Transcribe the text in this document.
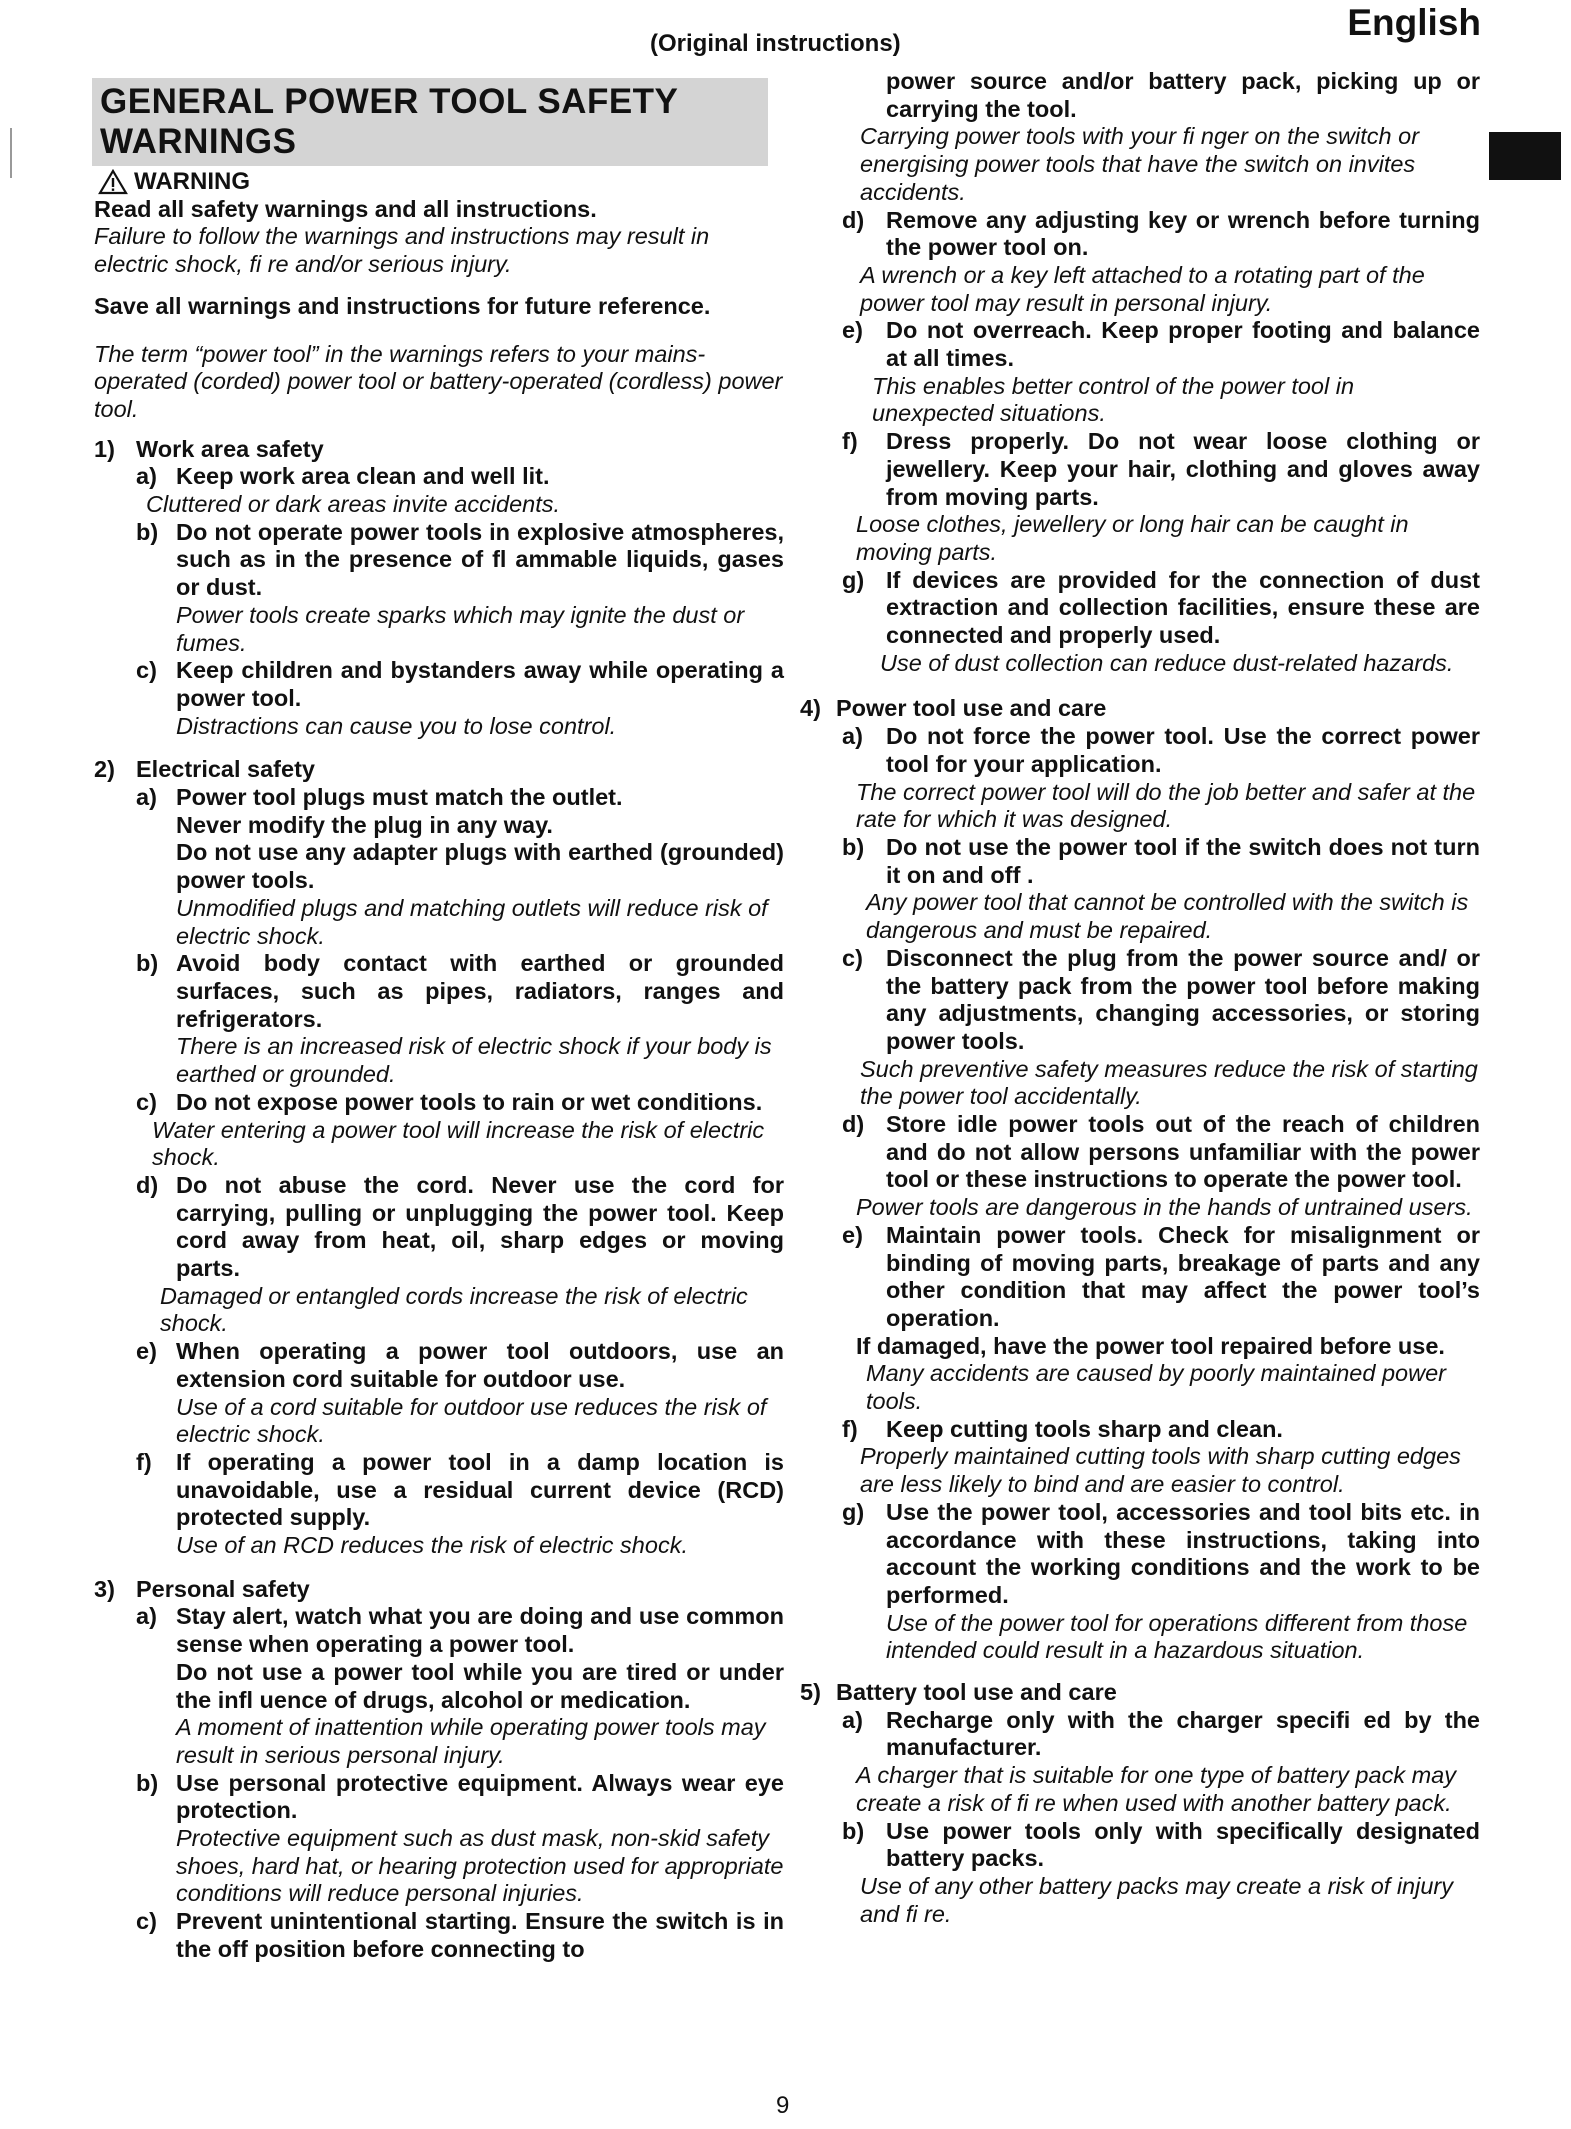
(Original instructions)
English
GENERAL POWER TOOL SAFETY WARNINGS
WARNING

Read all safety warnings and all instructions.

Failure to follow the warnings and instructions may result in electric shock, fi re and/or serious injury.

Save all warnings and instructions for future reference.

The term “power tool” in the warnings refers to your mains-operated (corded) power tool or battery-operated (cordless) power tool.

1) Work area safety
a) Keep work area clean and well lit.

Cluttered or dark areas invite accidents.

b) Do not operate power tools in explosive atmospheres, such as in the presence of fl ammable liquids, gases or dust.

Power tools create sparks which may ignite the dust or fumes.

c) Keep children and bystanders away while operating a power tool.

Distractions can cause you to lose control.

2) Electrical safety
a) Power tool plugs must match the outlet.

Never modify the plug in any way.

Do not use any adapter plugs with earthed (grounded) power tools.

Unmodified plugs and matching outlets will reduce risk of electric shock.

b) Avoid body contact with earthed or grounded surfaces, such as pipes, radiators, ranges and refrigerators.

There is an increased risk of electric shock if your body is earthed or grounded.

c) Do not expose power tools to rain or wet conditions.

Water entering a power tool will increase the risk of electric shock.

d) Do not abuse the cord. Never use the cord for carrying, pulling or unplugging the power tool. Keep cord away from heat, oil, sharp edges or moving parts.

Damaged or entangled cords increase the risk of electric shock.

e) When operating a power tool outdoors, use an extension cord suitable for outdoor use.

Use of a cord suitable for outdoor use reduces the risk of electric shock.

f) If operating a power tool in a damp location is unavoidable, use a residual current device (RCD) protected supply.

Use of an RCD reduces the risk of electric shock.

3) Personal safety
a) Stay alert, watch what you are doing and use common sense when operating a power tool.

Do not use a power tool while you are tired or under the infl uence of drugs, alcohol or medication.

A moment of inattention while operating power tools may result in serious personal injury.

b) Use personal protective equipment. Always wear eye protection.

Protective equipment such as dust mask, non-skid safety shoes, hard hat, or hearing protection used for appropriate conditions will reduce personal injuries.

c) Prevent unintentional starting. Ensure the switch is in the off position before connecting to

power source and/or battery pack, picking up or carrying the tool.

Carrying power tools with your fi nger on the switch or energising power tools that have the switch on invites accidents.

d) Remove any adjusting key or wrench before turning the power tool on.

A wrench or a key left attached to a rotating part of the power tool may result in personal injury.

e) Do not overreach. Keep proper footing and balance at all times.

This enables better control of the power tool in unexpected situations.

f)	Dress properly. Do not wear loose clothing or jewellery. Keep your hair, clothing and gloves away from moving parts.

Loose clothes, jewellery or long hair can be caught in moving parts.

g) If devices are provided for the connection of dust extraction and collection facilities, ensure these are connected and properly used.

Use of dust collection can reduce dust-related hazards.

4) Power tool use and care
a) Do not force the power tool. Use the correct power tool for your application.

The correct power tool will do the job better and safer at the rate for which it was designed.

b) Do not use the power tool if the switch does not turn it on and off .

Any power tool that cannot be controlled with the switch is dangerous and must be repaired.

c) Disconnect the plug from the power source and/ or the battery pack from the power tool before making any adjustments, changing accessories, or storing power tools.

Such preventive safety measures reduce the risk of starting the power tool accidentally.

d) Store idle power tools out of the reach of children and do not allow persons unfamiliar with the power tool or these instructions to operate the power tool.

Power tools are dangerous in the hands of untrained users.

e) Maintain power tools. Check for misalignment or binding of moving parts, breakage of parts and any other condition that may affect the power tool’s operation.

If damaged, have the power tool repaired before use.

Many accidents are caused by poorly maintained power tools.

f)	Keep cutting tools sharp and clean.

Properly maintained cutting tools with sharp cutting edges are less likely to bind and are easier to control.

g) Use the power tool, accessories and tool bits etc. in accordance with these instructions, taking into account the working conditions and the work to be performed.

Use of the power tool for operations different from those intended could result in a hazardous situation.

5) Battery tool use and care
a) Recharge only with the charger specifi ed by the manufacturer.

A charger that is suitable for one type of battery pack may create a risk of fi re when used with another battery pack.

b) Use power tools only with specifically designated battery packs.

Use of any other battery packs may create a risk of injury and fi re.

9
